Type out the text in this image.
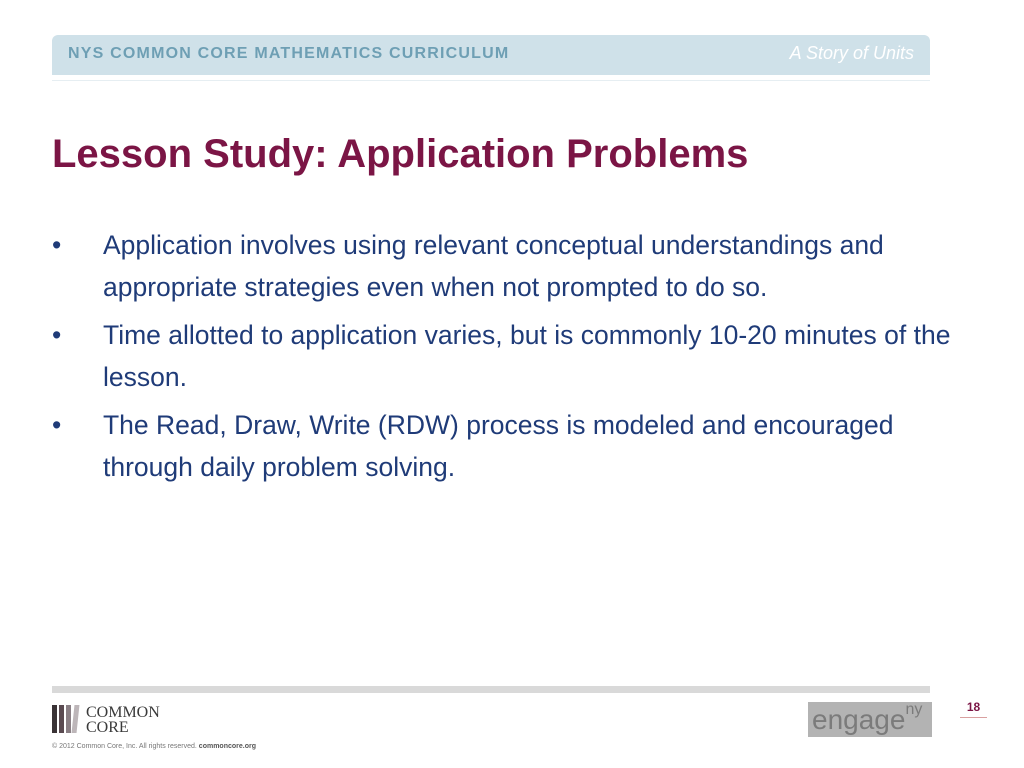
NYS COMMON CORE MATHEMATICS CURRICULUM	A Story of Units
Lesson Study: Application Problems
• Application involves using relevant conceptual understandings and appropriate strategies even when not prompted to do so.
• Time allotted to application varies, but is commonly 10-20 minutes of the lesson.
• The Read, Draw, Write (RDW) process is modeled and encouraged through daily problem solving.
COMMON
CORE
© 2012 Common Core, Inc. All rights reserved. commoncore.org
engage$^{ny}$	18
